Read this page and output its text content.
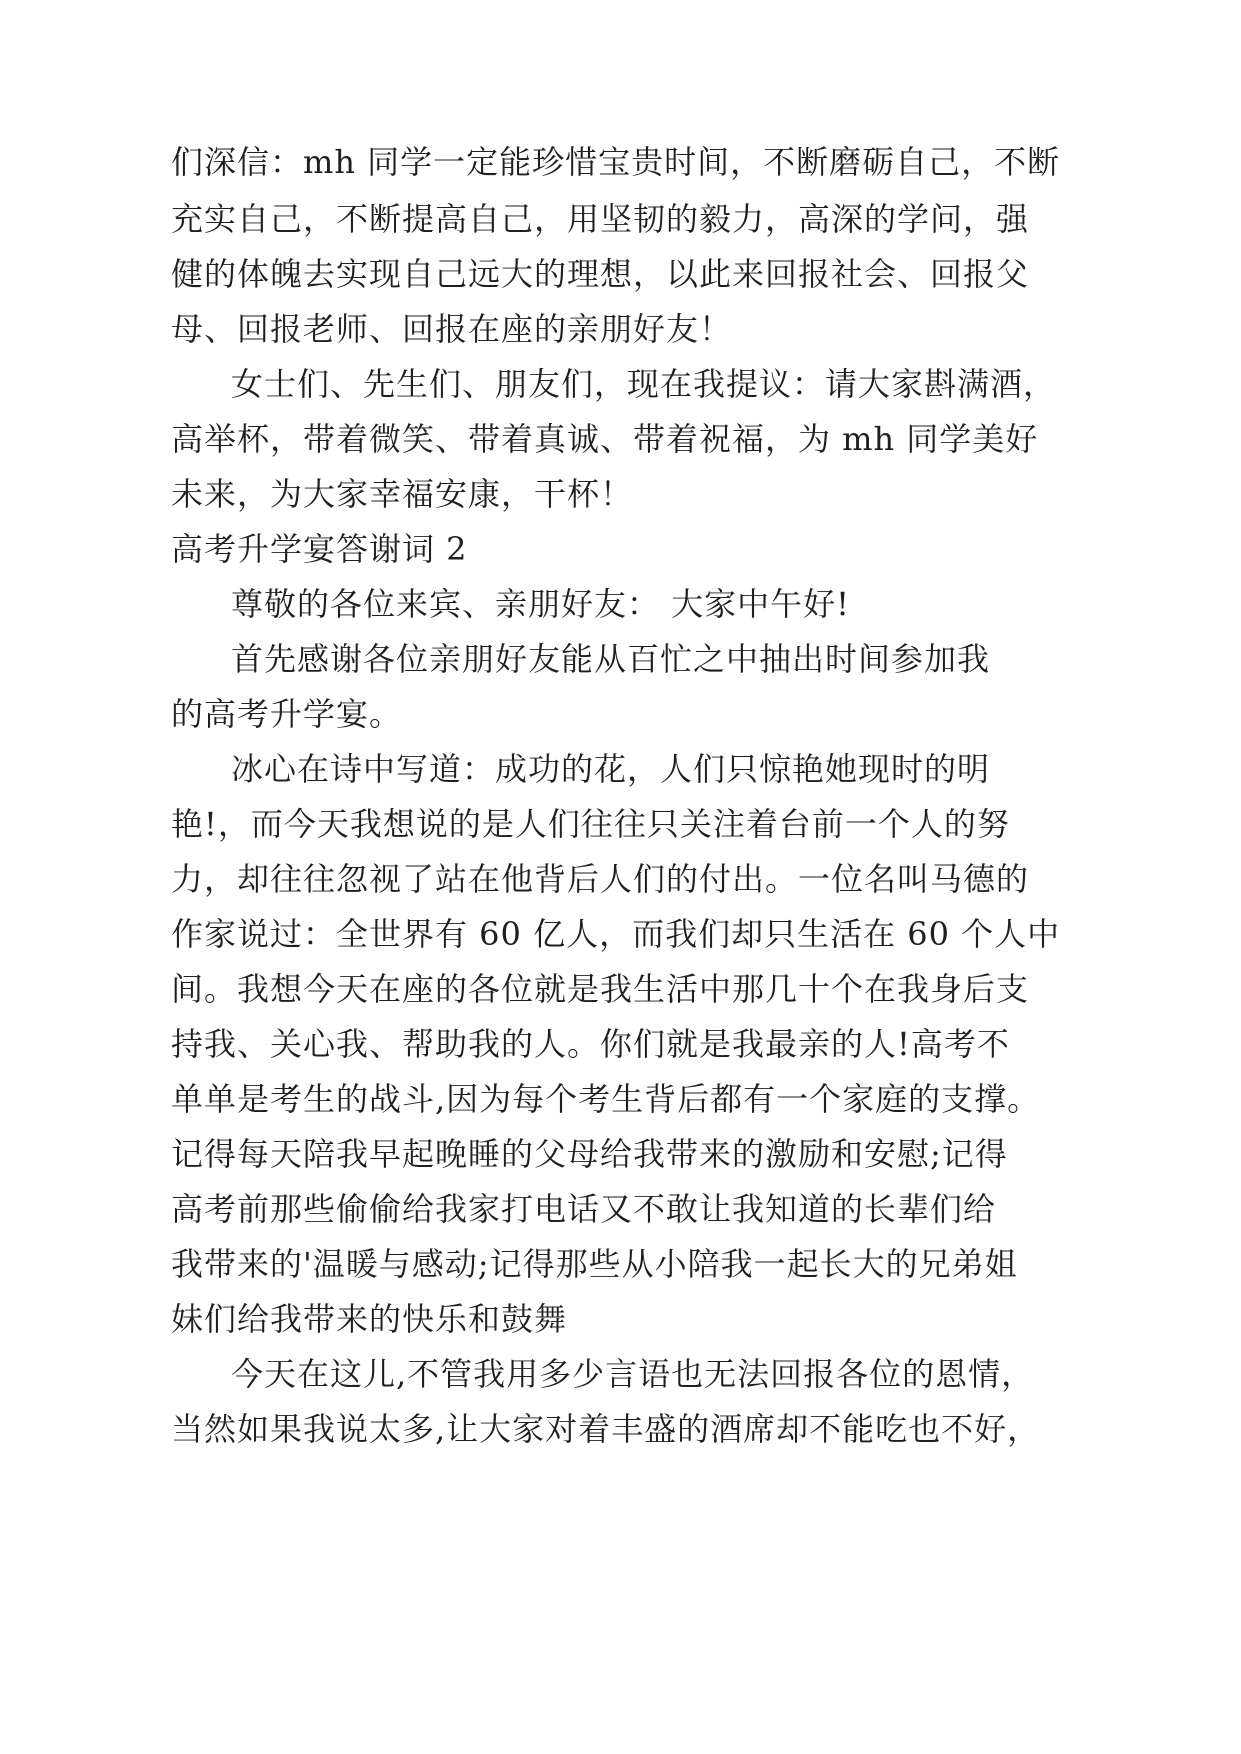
们深信：mh 同学一定能珍惜宝贵时间，不断磨砺自己，不断

充实自己，不断提高自己，用坚韧的毅力，高深的学问，强

健的体魄去实现自己远大的理想，以此来回报社会、回报父

母、回报老师、回报在座的亲朋好友！

女士们、先生们、朋友们，现在我提议：请大家斟满酒，

高举杯，带着微笑、带着真诚、带着祝福，为 mh 同学美好

未来，为大家幸福安康，干杯！

高考升学宴答谢词 2

尊敬的各位来宾、亲朋好友： 大家中午好!

首先感谢各位亲朋好友能从百忙之中抽出时间参加我

的高考升学宴。

冰心在诗中写道：成功的花，人们只惊艳她现时的明

艳!，而今天我想说的是人们往往只关注着台前一个人的努

力，却往往忽视了站在他背后人们的付出。一位名叫马德的

作家说过：全世界有 60 亿人，而我们却只生活在 60 个人中

间。我想今天在座的各位就是我生活中那几十个在我身后支

持我、关心我、帮助我的人。你们就是我最亲的人!高考不

单单是考生的战斗,因为每个考生背后都有一个家庭的支撑。

记得每天陪我早起晚睡的父母给我带来的激励和安慰;记得

高考前那些偷偷给我家打电话又不敢让我知道的长辈们给

我带来的'温暖与感动;记得那些从小陪我一起长大的兄弟姐

妹们给我带来的快乐和鼓舞

今天在这儿,不管我用多少言语也无法回报各位的恩情，

当然如果我说太多,让大家对着丰盛的酒席却不能吃也不好，
